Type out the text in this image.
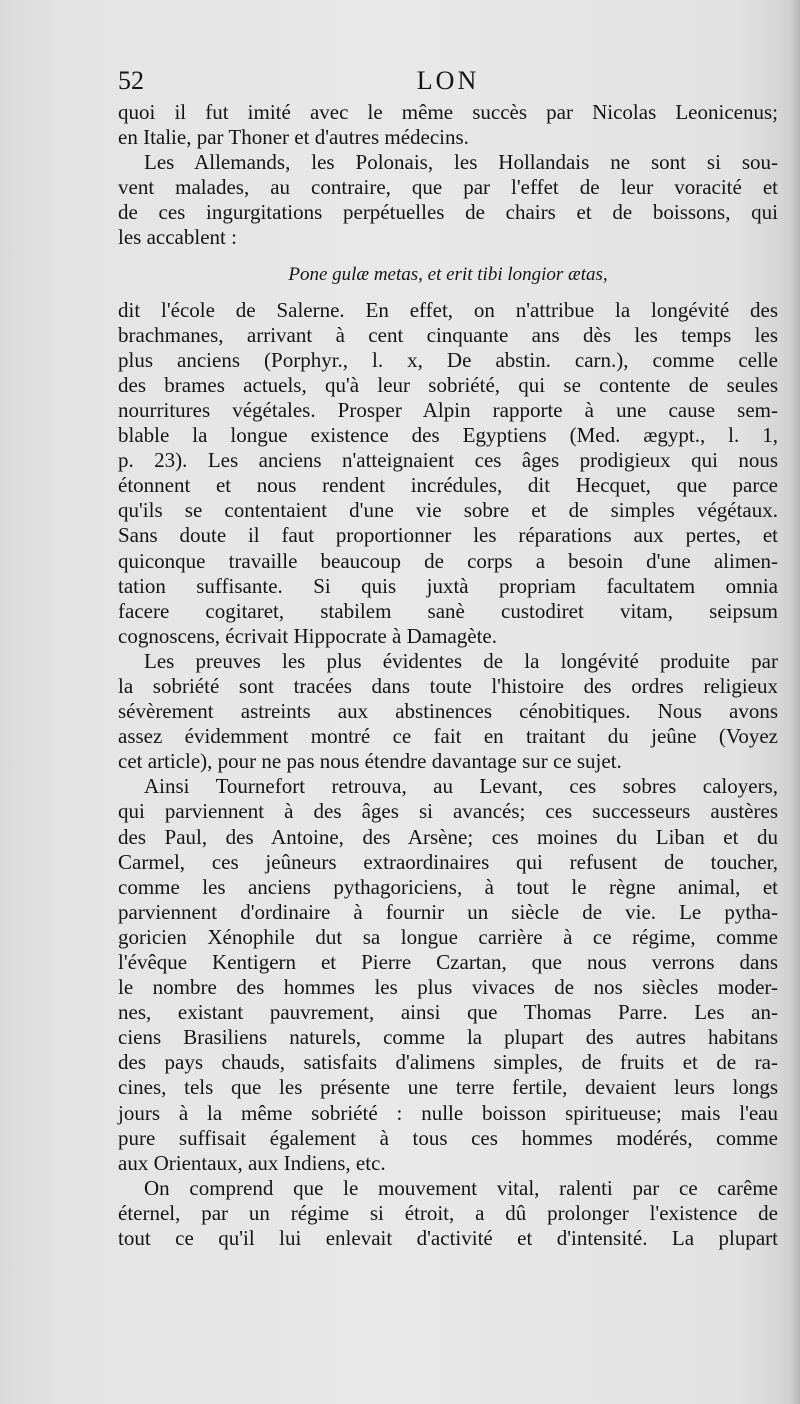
52	LON
quoi il fut imité avec le même succès par Nicolas Leonicenus;
en Italie, par Thoner et d'autres médecins.
Les Allemands, les Polonais, les Hollandais ne sont si sou-
vent malades, au contraire, que par l'effet de leur voracité et
de ces ingurgitations perpétuelles de chairs et de boissons, qui
les accablent :
Pone gulæ metas, et erit tibi longior ætas,
dit l'école de Salerne. En effet, on n'attribue la longévité des
brachmanes, arrivant à cent cinquante ans dès les temps les
plus anciens (Porphyr., l. x, De abstin. carn.), comme celle
des brames actuels, qu'à leur sobriété, qui se contente de seules
nourritures végétales. Prosper Alpin rapporte à une cause sem-
blable la longue existence des Egyptiens (Med. ægypt., l. 1,
p. 23). Les anciens n'atteignaient ces âges prodigieux qui nous
étonnent et nous rendent incrédules, dit Hecquet, que parce
qu'ils se contentaient d'une vie sobre et de simples végétaux.
Sans doute il faut proportionner les réparations aux pertes, et
quiconque travaille beaucoup de corps a besoin d'une alimen-
tation suffisante. Si quis juxtà propriam facultatem omnia
facere cogitaret, stabilem sanè custodiret vitam, seipsum
cognoscens, écrivait Hippocrate à Damagète.
Les preuves les plus évidentes de la longévité produite par
la sobriété sont tracées dans toute l'histoire des ordres religieux
sévèrement astreints aux abstinences cénobitiques. Nous avons
assez évidemment montré ce fait en traitant du jeûne (Voyez
cet article), pour ne pas nous étendre davantage sur ce sujet.
Ainsi Tournefort retrouva, au Levant, ces sobres caloyers,
qui parviennent à des âges si avancés; ces successeurs austères
des Paul, des Antoine, des Arsène; ces moines du Liban et du
Carmel, ces jeûneurs extraordinaires qui refusent de toucher,
comme les anciens pythagoriciens, à tout le règne animal, et
parviennent d'ordinaire à fournir un siècle de vie. Le pytha-
goricien Xénophile dut sa longue carrière à ce régime, comme
l'évêque Kentigern et Pierre Czartan, que nous verrons dans
le nombre des hommes les plus vivaces de nos siècles moder-
nes, existant pauvrement, ainsi que Thomas Parre. Les an-
ciens Brasiliens naturels, comme la plupart des autres habitans
des pays chauds, satisfaits d'alimens simples, de fruits et de ra-
cines, tels que les présente une terre fertile, devaient leurs longs
jours à la même sobriété : nulle boisson spiritueuse; mais l'eau
pure suffisait également à tous ces hommes modérés, comme
aux Orientaux, aux Indiens, etc.
On comprend que le mouvement vital, ralenti par ce carême
éternel, par un régime si étroit, a dû prolonger l'existence de
tout ce qu'il lui enlevait d'activité et d'intensité. La plupart
